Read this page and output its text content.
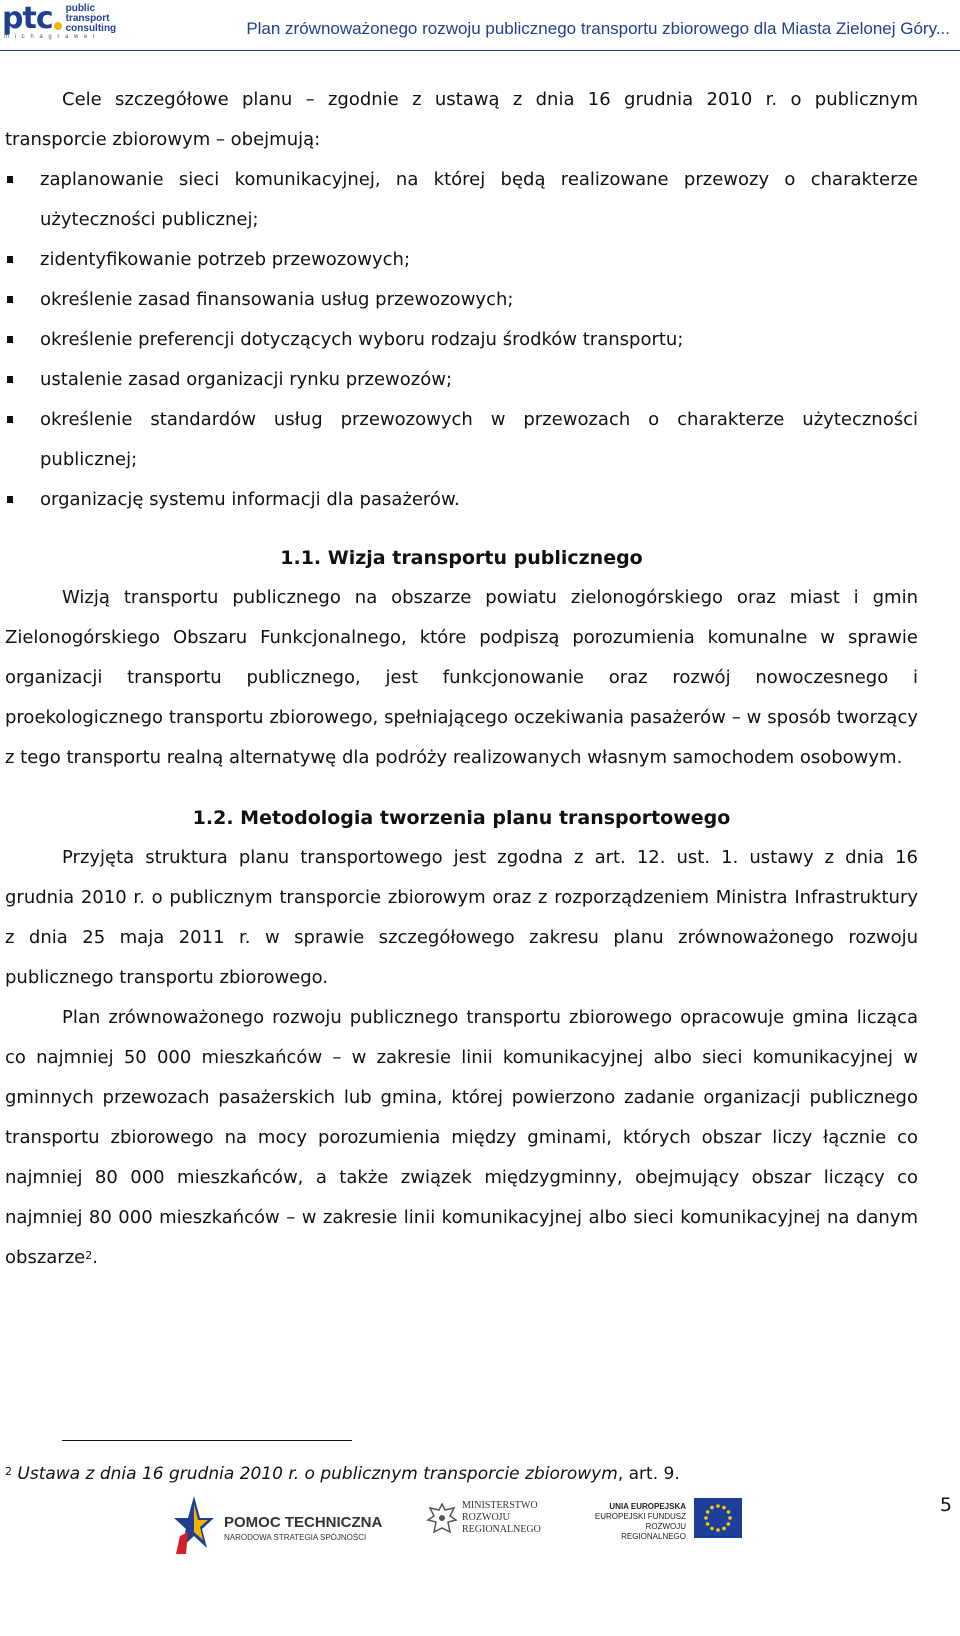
ptc public
transport
consulting
m i c h a g r a w e r	Plan zrównoważonego rozwoju publicznego transportu zbiorowego dla Miasta Zielonej Góry...

Cele szczegółowe planu – zgodnie z ustawą z dnia 16 grudnia 2010 r. o publicznym transporcie zbiorowym – obejmują:

zaplanowanie sieci komunikacyjnej, na której będą realizowane przewozy o charakterze użyteczności publicznej;
zidentyfikowanie potrzeb przewozowych;
określenie zasad finansowania usług przewozowych;
określenie preferencji dotyczących wyboru rodzaju środków transportu;
ustalenie zasad organizacji rynku przewozów;
określenie standardów usług przewozowych w przewozach o charakterze użyteczności publicznej;
organizację systemu informacji dla pasażerów.
1.1. Wizja transportu publicznego

Wizją transportu publicznego na obszarze powiatu zielonogórskiego oraz miast i gmin Zielonogórskiego Obszaru Funkcjonalnego, które podpiszą porozumienia komunalne w sprawie organizacji transportu publicznego, jest funkcjonowanie oraz rozwój nowoczesnego i proekologicznego transportu zbiorowego, spełniającego oczekiwania pasażerów – w sposób tworzący z tego transportu realną alternatywę dla podróży realizowanych własnym samochodem osobowym.

1.2. Metodologia tworzenia planu transportowego

Przyjęta struktura planu transportowego jest zgodna z art. 12. ust. 1. ustawy z dnia 16 grudnia 2010 r. o publicznym transporcie zbiorowym oraz z rozporządzeniem Ministra Infrastruktury z dnia 25 maja 2011 r. w sprawie szczegółowego zakresu planu zrównoważonego rozwoju publicznego transportu zbiorowego.

Plan zrównoważonego rozwoju publicznego transportu zbiorowego opracowuje gmina licząca co najmniej 50 000 mieszkańców – w zakresie linii komunikacyjnej albo sieci komunikacyjnej w gminnych przewozach pasażerskich lub gmina, której powierzono zadanie organizacji publicznego transportu zbiorowego na mocy porozumienia między gminami, których obszar liczy łącznie co najmniej 80 000 mieszkańców, a także związek międzygminny, obejmujący obszar liczący co najmniej 80 000 mieszkańców – w zakresie linii komunikacyjnej albo sieci komunikacyjnej na danym obszarze$^2$.

$^2$ Ustawa z dnia 16 grudnia 2010 r. o publicznym transporcie zbiorowym, art. 9.
5
POMOC TECHNICZNA
NARODOWA STRATEGIA SPÓJNOŚCI
MINISTERSTWO
ROZWOJU
REGIONALNEGO
UNIA EUROPEJSKA
EUROPEJSKI FUNDUSZ
ROZWOJU REGIONALNEGO
